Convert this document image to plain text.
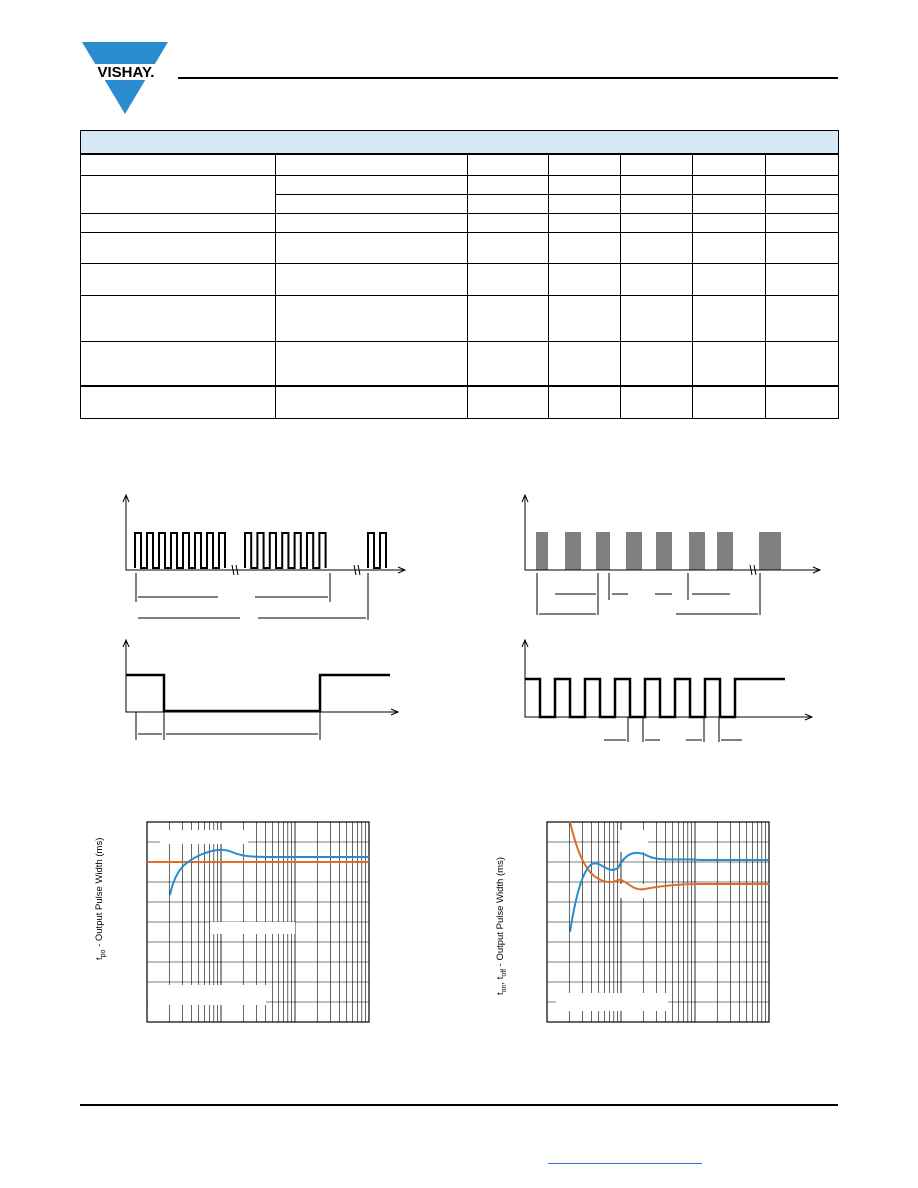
VISHAY.

$t_{po}$ - Output Pulse Width (ms)
$t_{on}$, $t_{off}$ - Output Pulse Width (ms)
